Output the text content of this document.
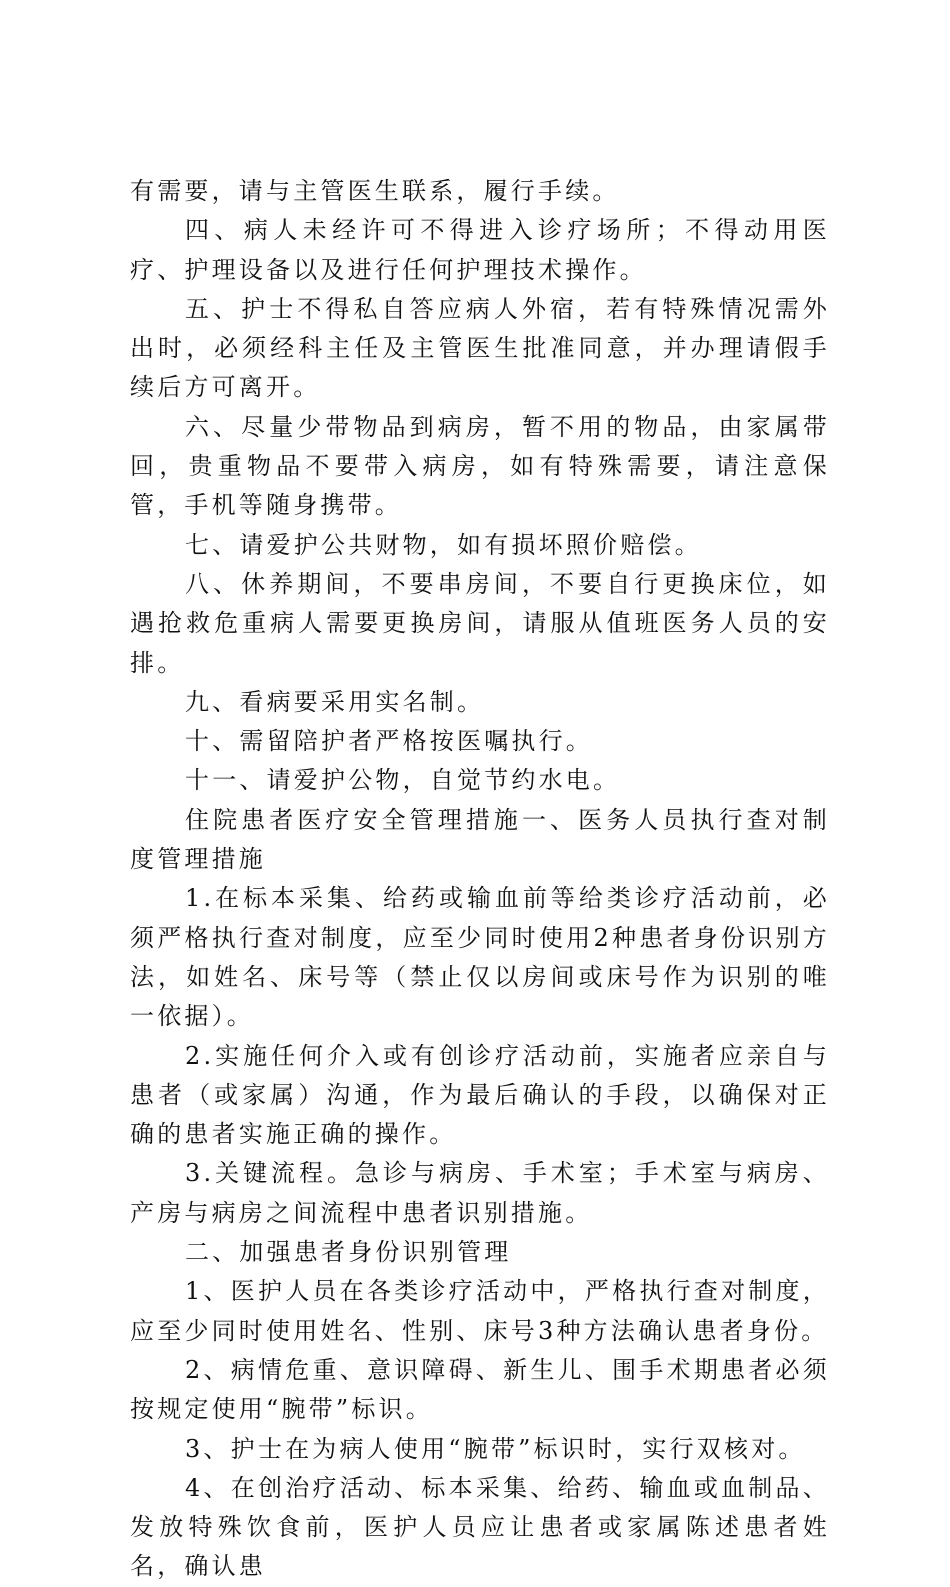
有需要，请与主管医生联系，履行手续。

四、病人未经许可不得进入诊疗场所；不得动用医疗、护理设备以及进行任何护理技术操作。

五、护士不得私自答应病人外宿，若有特殊情况需外出时，必须经科主任及主管医生批准同意，并办理请假手续后方可离开。

六、尽量少带物品到病房，暂不用的物品，由家属带回，贵重物品不要带入病房，如有特殊需要，请注意保管，手机等随身携带。

七、请爱护公共财物，如有损坏照价赔偿。

八、休养期间，不要串房间，不要自行更换床位，如遇抢救危重病人需要更换房间，请服从值班医务人员的安排。

九、看病要采用实名制。

十、需留陪护者严格按医嘱执行。

十一、请爱护公物，自觉节约水电。

住院患者医疗安全管理措施一、医务人员执行查对制度管理措施

1.在标本采集、给药或输血前等给类诊疗活动前，必须严格执行查对制度，应至少同时使用2种患者身份识别方法，如姓名、床号等（禁止仅以房间或床号作为识别的唯一依据）。

2.实施任何介入或有创诊疗活动前，实施者应亲自与患者（或家属）沟通，作为最后确认的手段，以确保对正确的患者实施正确的操作。

3.关键流程。急诊与病房、手术室；手术室与病房、产房与病房之间流程中患者识别措施。

二、加强患者身份识别管理

1、医护人员在各类诊疗活动中，严格执行查对制度，应至少同时使用姓名、性别、床号3种方法确认患者身份。

2、病情危重、意识障碍、新生儿、围手术期患者必须按规定使用“腕带”标识。

3、护士在为病人使用“腕带”标识时，实行双核对。

4、在创治疗活动、标本采集、给药、输血或血制品、发放特殊饮食前，医护人员应让患者或家属陈述患者姓名，确认患
